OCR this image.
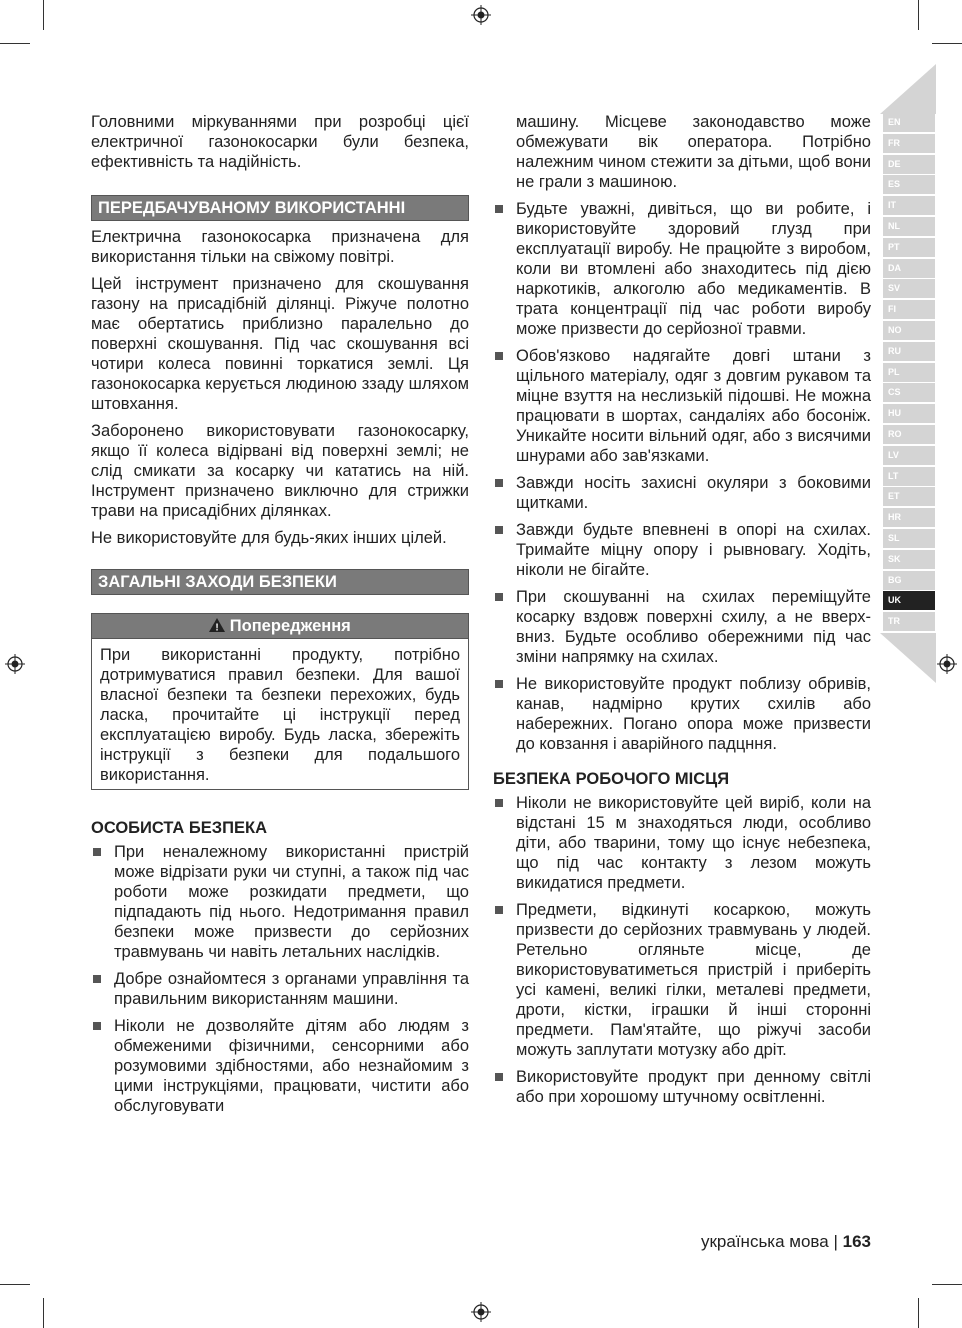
EN
FR
DE
ES
IT
NL
PT
DA
SV
FI
NO
RU
PL
CS
HU
RO
LV
LT
ET
HR
SL
SK
BG
UK
TR

Головними міркуваннями при розробці цієї електричної газонокосарки були безпека, ефективність та надійність.

ПЕРЕДБАЧУВАНОМУ ВИКОРИСТАННІ

Електрична газонокосарка призначена для використання тільки на свіжому повітрі.

Цей інструмент призначено для скошування газону на присадібній ділянці. Ріжуче полотно має обертатись приблизно паралельно до поверхні скошування. Під час скошування всі чотири колеса повинні торкатися землі. Ця газонокосарка керується людиною ззаду шляхом штовхання.

Заборонено використовувати газонокосарку, якщо її колеса відірвані від поверхні землі; не слід смикати за косарку чи кататись на ній. Інструмент призначено виключно для стрижки трави на присадібних ділянках.

Не використовуйте для будь-яких інших цілей.

ЗАГАЛЬНІ ЗАХОДИ БЕЗПЕКИ
! Попередження
При використанні продукту, потрібно дотримуватися правил безпеки. Для вашої власної безпеки та безпеки перехожих, будь ласка, прочитайте ці інструкції перед експлуатацією виробу. Будь ласка, збережіть інструкції з безпеки для подальшого використання.
ОСОБИСТА БЕЗПЕКА
При неналежному використанні пристрій може відрізати руки чи ступні, а також під час роботи може розкидати предмети, що підпадають під нього. Недотримання правил безпеки може призвести до серйозних травмувань чи навіть летальних наслідків.
Добре ознайомтеся з органами управління та правильним використанням машини.
Ніколи не дозволяйте дітям або людям з обмеженими фізичними, сенсорними або розумовими здібностями, або незнайомим з цими інструкціями, працювати, чистити або обслуговувати

машину. Місцеве законодавство може обмежувати вік оператора. Потрібно належним чином стежити за дітьми, щоб вони не грали з машиною.

Будьте уважні, дивіться, що ви робите, і використовуйте здоровий глузд при експлуатації виробу. Не працюйте з виробом, коли ви втомлені або знаходитесь під дією наркотиків, алкоголю або медикаментів. В трата концентрації під час роботи виробу може призвести до серйозної травми.
Обов'язково надягайте довгі штани з щільного матеріалу, одяг з довгим рукавом та міцне взуття на неслизькій підошві. Не можна працювати в шортах, сандаліях або босоніж. Уникайте носити вільний одяг, або з висячими шнурами або зав'язками.
Завжди носіть захисні окуляри з боковими щитками.
Завжди будьте впевнені в опорі на схилах. Тримайте міцну опору і рывновагу. Ходіть, ніколи не бігайте.
При скошуванні на схилах переміщуйте косарку вздовж поверхні схилу, а не вверх-вниз. Будьте особливо обережними під час зміни напрямку на схилах.
Не використовуйте продукт поблизу обривів, канав, надмірно крутих схилів або набережних. Погано опора може призвести до ковзання і аварійного падцння.
БЕЗПЕКА РОБОЧОГО МІСЦЯ
Ніколи не використовуйте цей виріб, коли на відстані 15 м знаходяться люди, особливо діти, або тварини, тому що існує небезпека, що під час контакту з лезом можуть викидатися предмети.
Предмети, відкинуті косаркою, можуть призвести до серйозних травмувань у людей. Ретельно огляньте місце, де використовуватиметься пристрій і приберіть усі камені, великі гілки, металеві предмети, дроти, кістки, іграшки й інші сторонні предмети. Пам'ятайте, що ріжучі засоби можуть заплутати мотузку або дріт.
Використовуйте продукт при денному світлі або при хорошому штучному освітленні.
українська мова | 163
